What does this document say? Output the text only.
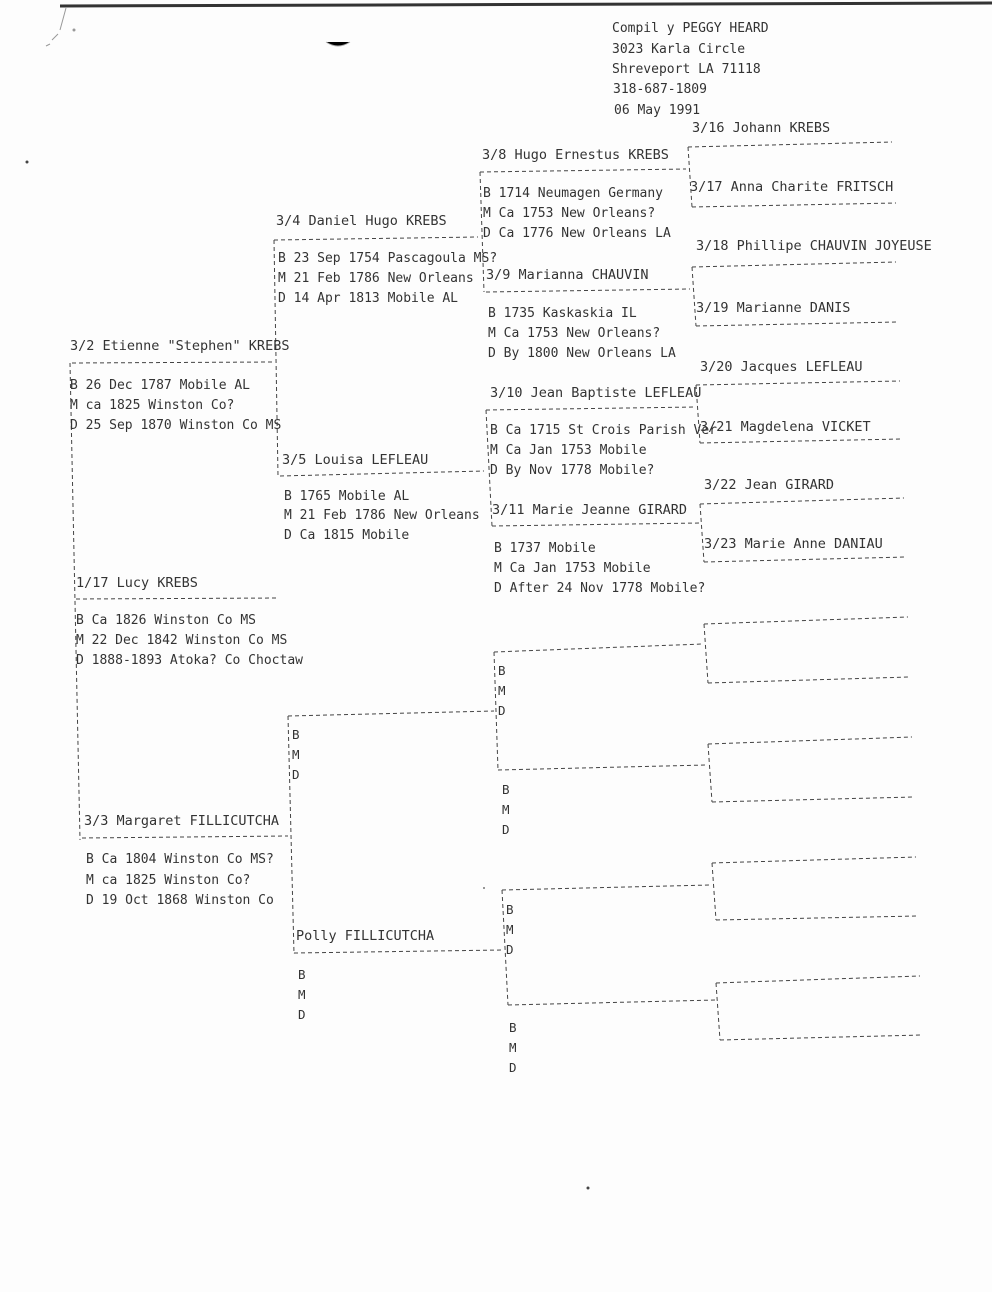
Compil y PEGGY HEARD
3023 Karla Circle
Shreveport LA 71118
318-687-1809
06 May 1991
1/17 Lucy KREBS
B Ca 1826 Winston Co MS
M 22 Dec 1842 Winston Co MS
D 1888-1893 Atoka? Co Choctaw
3/2 Etienne "Stephen" KREBS
B 26 Dec 1787 Mobile AL
M ca 1825 Winston Co?
D 25 Sep 1870 Winston Co MS
3/3 Margaret FILLICUTCHA
B Ca 1804 Winston Co MS?
M ca 1825 Winston Co?
D 19 Oct 1868 Winston Co
3/4 Daniel Hugo KREBS
B 23 Sep 1754 Pascagoula MS?
M 21 Feb 1786 New Orleans
D 14 Apr 1813 Mobile AL
3/5 Louisa LEFLEAU
B 1765 Mobile AL
M 21 Feb 1786 New Orleans
D Ca 1815 Mobile
B
M
D
Polly FILLICUTCHA
B
M
D
3/8 Hugo Ernestus KREBS
B 1714 Neumagen Germany
M Ca 1753 New Orleans?
D Ca 1776 New Orleans LA
3/9 Marianna CHAUVIN
B 1735 Kaskaskia IL
M Ca 1753 New Orleans?
D By 1800 New Orleans LA
3/10 Jean Baptiste LEFLEAU
B Ca 1715 St Crois Parish Ver
M Ca Jan 1753 Mobile
D By Nov 1778 Mobile?
3/11 Marie Jeanne GIRARD
B 1737 Mobile
M Ca Jan 1753 Mobile
D After 24 Nov 1778 Mobile?
B
M
D
B
M
D
B
M
D
B
M
D
3/16 Johann KREBS
3/17 Anna Charite FRITSCH
3/18 Phillipe CHAUVIN JOYEUSE
3/19 Marianne DANIS
3/20 Jacques LEFLEAU
3/21 Magdelena VICKET
3/22 Jean GIRARD
3/23 Marie Anne DANIAU
